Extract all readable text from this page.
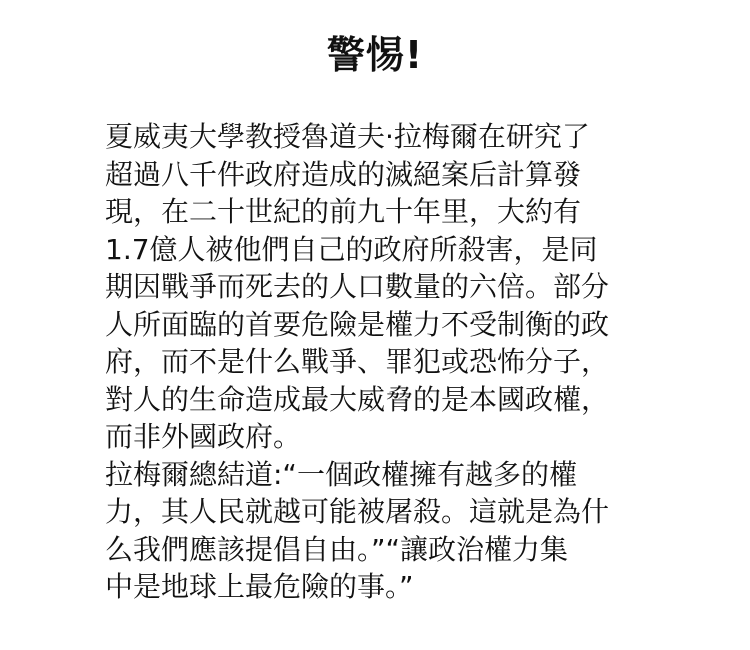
警惕!
夏威夷大學教授魯道夫·拉梅爾在研究了
超過八千件政府造成的滅絕案后計算發
現，在二十世紀的前九十年里，大約有
1.7億人被他們自己的政府所殺害，是同
期因戰爭而死去的人口數量的六倍。部分
人所面臨的首要危險是權力不受制衡的政
府，而不是什么戰爭、罪犯或恐怖分子，
對人的生命造成最大威脅的是本國政權，
而非外國政府。
拉梅爾總結道:“一個政權擁有越多的權
力，其人民就越可能被屠殺。這就是為什
么我們應該提倡自由。”“讓政治權力集
中是地球上最危險的事。”
